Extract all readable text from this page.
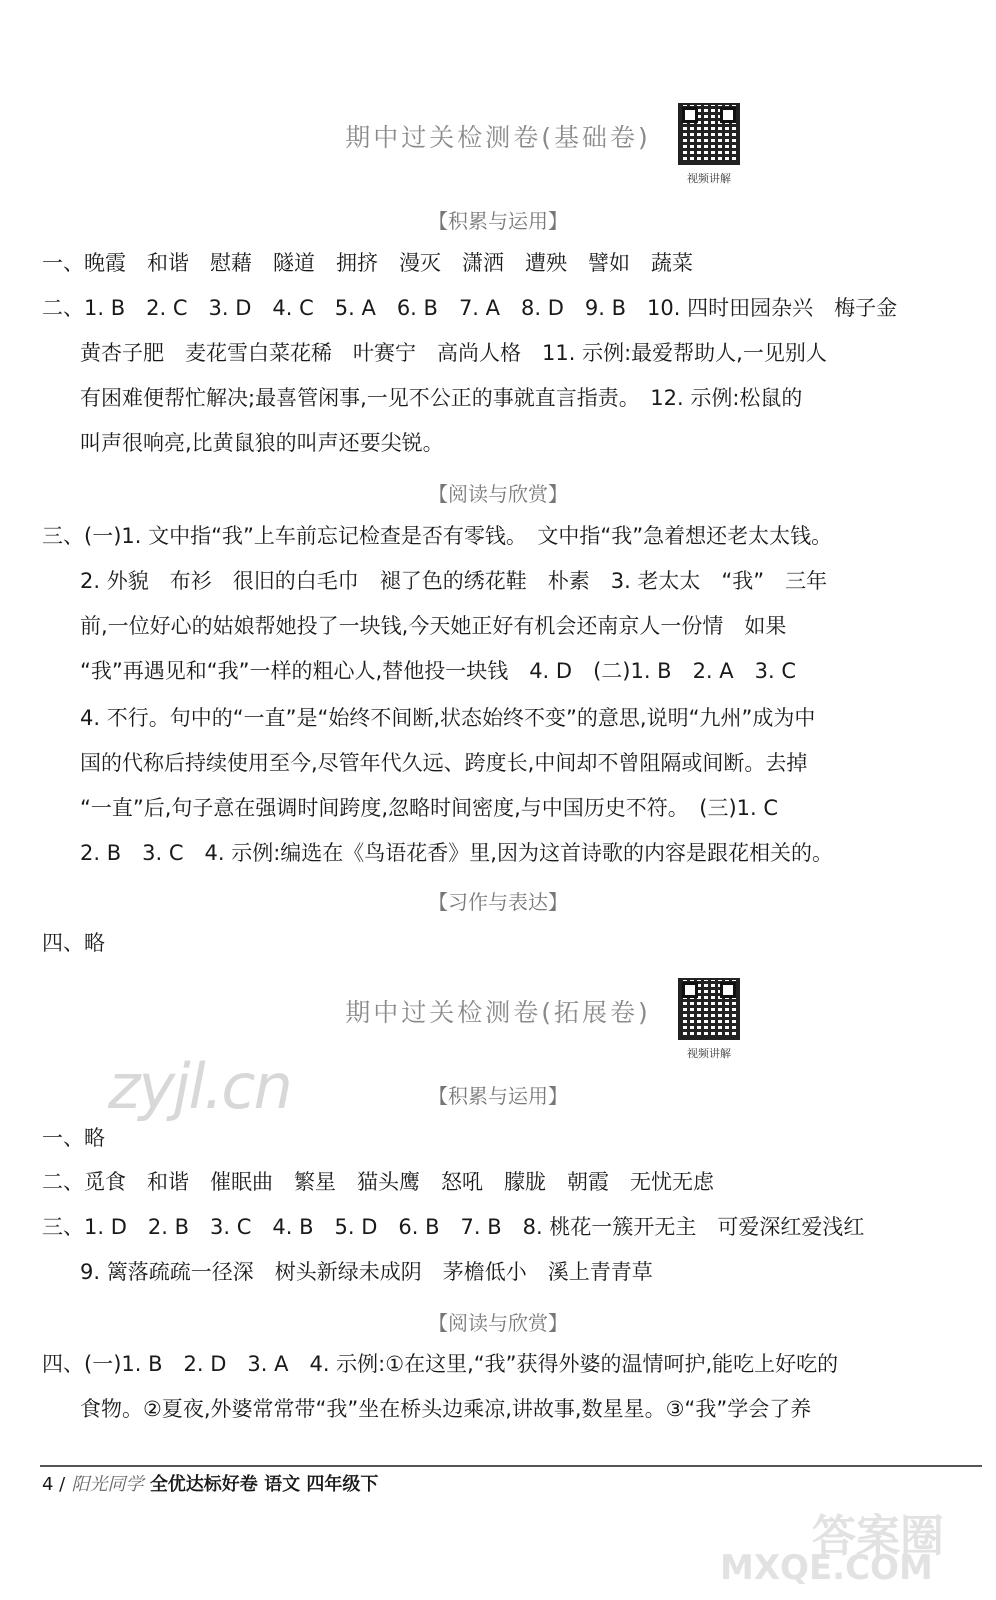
期中过关检测卷(基础卷)
视频讲解
【积累与运用】
一、晚霞　和谐　慰藉　隧道　拥挤　漫灭　潇洒　遭殃　譬如　蔬菜
二、1. B　2. C　3. D　4. C　5. A　6. B　7. A　8. D　9. B　10. 四时田园杂兴　梅子金
黄杏子肥　麦花雪白菜花稀　叶赛宁　高尚人格　11. 示例:最爱帮助人,一见别人
有困难便帮忙解决;最喜管闲事,一见不公正的事就直言指责。　12. 示例:松鼠的
叫声很响亮,比黄鼠狼的叫声还要尖锐。
【阅读与欣赏】
三、(一)1. 文中指“我”上车前忘记检查是否有零钱。　文中指“我”急着想还老太太钱。
2. 外貌　布衫　很旧的白毛巾　褪了色的绣花鞋　朴素　3. 老太太　“我”　三年
前,一位好心的姑娘帮她投了一块钱,今天她正好有机会还南京人一份情　如果
“我”再遇见和“我”一样的粗心人,替他投一块钱　4. D　(二)1. B　2. A　3. C
4. 不行。句中的“一直”是“始终不间断,状态始终不变”的意思,说明“九州”成为中
国的代称后持续使用至今,尽管年代久远、跨度长,中间却不曾阻隔或间断。去掉
“一直”后,句子意在强调时间跨度,忽略时间密度,与中国历史不符。　(三)1. C
2. B　3. C　4. 示例:编选在《鸟语花香》里,因为这首诗歌的内容是跟花相关的。
【习作与表达】
四、略
期中过关检测卷(拓展卷)
视频讲解
zyjl.cn	【积累与运用】
一、略
二、觅食　和谐　催眠曲　繁星　猫头鹰　怒吼　朦胧　朝霞　无忧无虑
三、1. D　2. B　3. C　4. B　5. D　6. B　7. B　8. 桃花一簇开无主　可爱深红爱浅红
9. 篱落疏疏一径深　树头新绿未成阴　茅檐低小　溪上青青草
【阅读与欣赏】
四、(一)1. B　2. D　3. A　4. 示例:①在这里,“我”获得外婆的温情呵护,能吃上好吃的
食物。②夏夜,外婆常常带“我”坐在桥头边乘凉,讲故事,数星星。③“我”学会了养
4 / 阳光同学 全优达标好卷 语文 四年级下
答案圈
MXQE.COM
